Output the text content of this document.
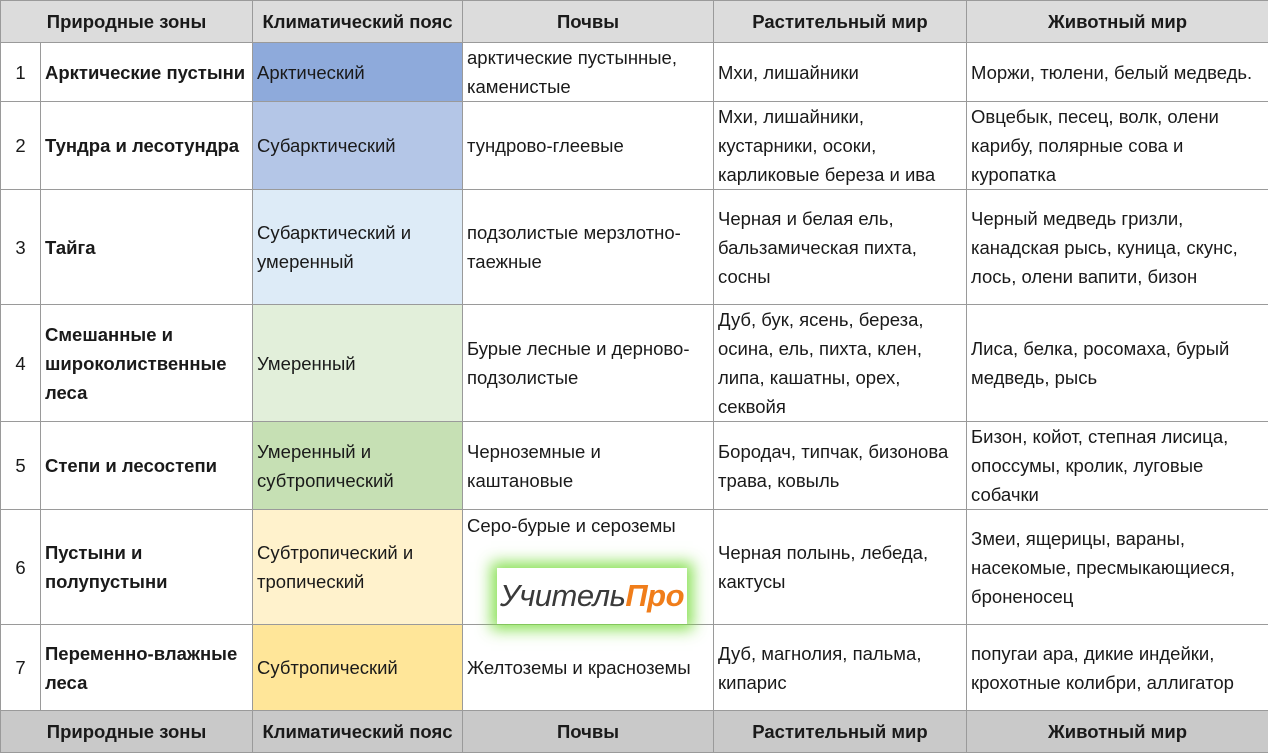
Природные зоны		Климатический пояс	Почвы	Растительный мир	Животный мир
1	Арктические пустыни	Арктический	арктические пустынные, каменистые	Мхи, лишайники	Моржи, тюлени, белый медведь.
2	Тундра и лесотундра	Субарктический	тундрово-глеевые	Мхи, лишайники, кустарники, осоки, карликовые береза и ива	Овцебык, песец, волк, олени карибу, полярные сова и куропатка
3	Тайга	Субарктический и умеренный	подзолистые мерзлотно-таежные	Черная и белая ель, бальзамическая пихта, сосны	Черный медведь гризли, канадская рысь, куница, скунс, лось, олени вапити, бизон
4	Смешанные и широколиственные леса	Умеренный	Бурые лесные и дерново-подзолистые	Дуб, бук, ясень, береза, осина, ель, пихта, клен, липа, кашатны, орех, секвойя	Лиса, белка, росомаха, бурый медведь, рысь
5	Степи и лесостепи	Умеренный и субтропический	Черноземные и каштановые	Бородач, типчак, бизонова трава, ковыль	Бизон, койот, степная лисица, опоссумы, кролик, луговые собачки
6	Пустыни и полупустыни	Субтропический и тропический	Серо-бурые и сероземы	Черная полынь, лебеда, кактусы	Змеи, ящерицы, вараны, насекомые, пресмыкающиеся, броненосец
7	Переменно-влажные леса	Субтропический	Желтоземы и красноземы	Дуб, магнолия, пальма, кипарис	попугаи ара, дикие индейки, крохотные колибри, аллигатор
Природные зоны		Климатический пояс	Почвы	Растительный мир	Животный мир
Учитель Про
